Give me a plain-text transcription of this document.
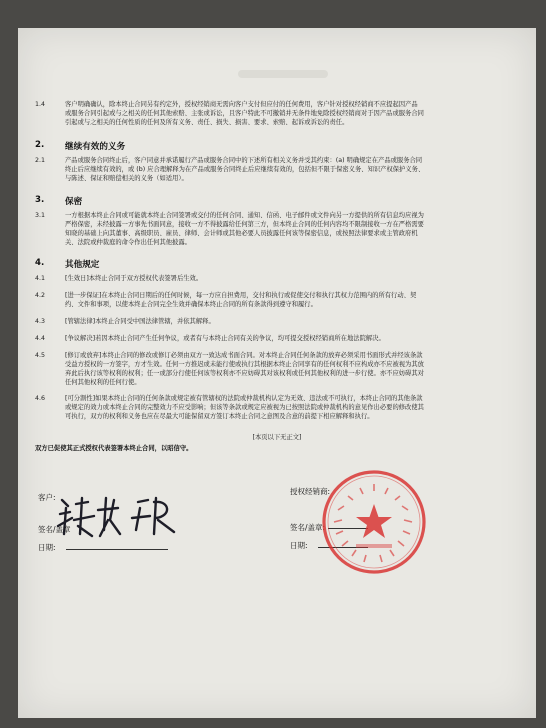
1.4	客户明确确认，除本终止合同另有约定外，授权经销商无需向客户支付但应付的任何费用，客户针对授权经销商不应提起因产品
或服务合同引起或与之相关的任何其他索赔、主张或诉讼，且客户特此不可撤销并无条件地免除授权经销商对于因产品或服务合同
引起或与之相关的任何性质的任何及所有义务、责任、损失、损害、要求、索赔、起诉或诉讼的责任。
2. 继续有效的义务
2.1	产品或服务合同终止后，客户同意并承诺履行产品或服务合同中的下述所有相关义务并受其约束：(a) 明确规定在产品或服务合同
终止后应继续有效的，或 (b) 应合理解释为在产品或服务合同终止后应继续有效的，包括但不限于保密义务、知识产权保护义务、
与陈述、保证和赔偿相关的义务（如适用）。
3. 保密
3.1	一方根据本终止合同或可能就本终止合同签署或交付的任何合同、通知、信函、电子邮件或文件向另一方提供的所有信息均应视为
严格保密，未经披露一方事先书面同意，接收一方不得披露给任何第三方，但本终止合同的任何内容均不限制接收一方在严格需要
知晓的基础上向其董事、高级职员、雇员、律师、会计师或其他必要人员披露任何该等保密信息，或按照法律要求或主管政府机
关、法院或仲裁庭的命令作出任何其他披露。
4. 其他规定
4.1	[生效日]本终止合同于双方授权代表签署后生效。
4.2	[进一步保证]在本终止合同日期后的任何时候，每一方应自担费用，交付和执行或促使交付和执行其权力范围内的所有行动、契
约、文件和事项，以使本终止合同完全生效并确保本终止合同的所有条款得到遵守和履行。
4.3	[管辖法律]本终止合同受中国法律管辖，并依其解释。
4.4	[争议解决]若因本终止合同产生任何争议，或者有与本终止合同有关的争议，均可提交授权经销商所在地法院解决。
4.5	[修订或放弃]本终止合同的修改或修订必须由双方一致达成书面合同。对本终止合同任何条款的放弃必须采用书面形式并经该条款
受益方授权的一方签字，方才生效。任何一方推迟或未能行使或执行其根据本终止合同享有的任何权利不应构成亦不应被视为其放
弃此后执行该等权利的权利；任一或部分行使任何该等权利亦不应妨碍其对该权利或任何其他权利的进一步行使。亦不应妨碍其对
任何其他权利的任何行使。
4.6	[可分割性]如果本终止合同的任何条款或规定被有管辖权的法院或仲裁机构认定为无效、违法或不可执行，本终止合同的其他条款
或规定的效力或本终止合同的完整效力不应受影响；但该等条款或规定应被视为已按照法院或仲裁机构的意见作出必要的修改使其
可执行，双方的权利和义务也应在尽最大可能保留双方签订本终止合同之意图及合意的前提下相应解释和执行。
[本页以下无正文]
双方已促使其正式授权代表签署本终止合同，以昭信守。
客户:
签名/盖章
日期:
授权经销商:
签名/盖章:
日期:
